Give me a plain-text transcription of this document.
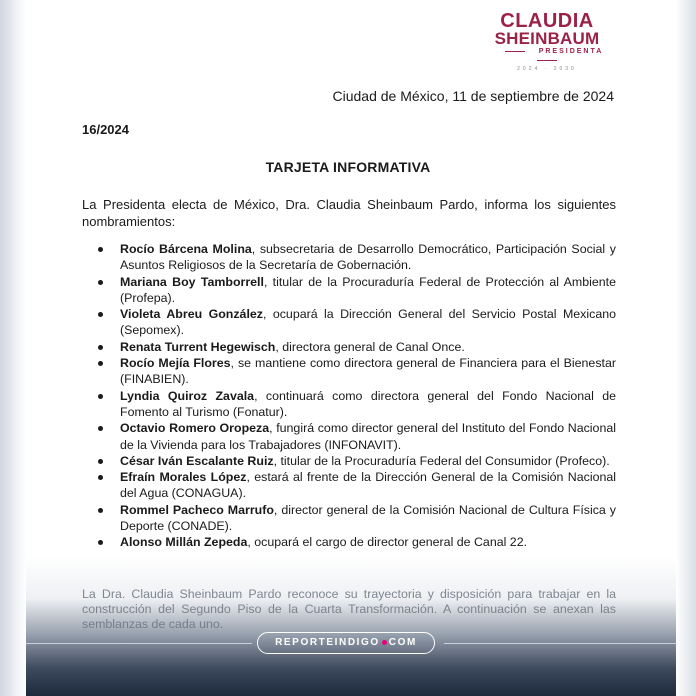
CLAUDIA
SHEINBAUM
PRESIDENTA
2024 · 2030
Ciudad de México, 11 de septiembre de 2024
16/2024
TARJETA INFORMATIVA
La Presidenta electa de México, Dra. Claudia Sheinbaum Pardo, informa los siguientes nombramientos:
Rocío Bárcena Molina, subsecretaria de Desarrollo Democrático, Participación Social y Asuntos Religiosos de la Secretaría de Gobernación.
Mariana Boy Tamborrell, titular de la Procuraduría Federal de Protección al Ambiente (Profepa).
Violeta Abreu González, ocupará la Dirección General del Servicio Postal Mexicano (Sepomex).
Renata Turrent Hegewisch, directora general de Canal Once.
Rocío Mejía Flores, se mantiene como directora general de Financiera para el Bienestar (FINABIEN).
Lyndia Quiroz Zavala, continuará como directora general del Fondo Nacional de Fomento al Turismo (Fonatur).
Octavio Romero Oropeza, fungirá como director general del Instituto del Fondo Nacional de la Vivienda para los Trabajadores (INFONAVIT).
César Iván Escalante Ruiz, titular de la Procuraduría Federal del Consumidor (Profeco).
Efraín Morales López, estará al frente de la Dirección General de la Comisión Nacional del Agua (CONAGUA).
Rommel Pacheco Marrufo, director general de la Comisión Nacional de Cultura Física y Deporte (CONADE).
Alonso Millán Zepeda, ocupará el cargo de director general de Canal 22.
La Dra. Claudia Sheinbaum Pardo reconoce su trayectoria y disposición para trabajar en la construcción del Segundo Piso de la Cuarta Transformación. A continuación se anexan las semblanzas de cada uno.
REPORTEINDIGO COM
